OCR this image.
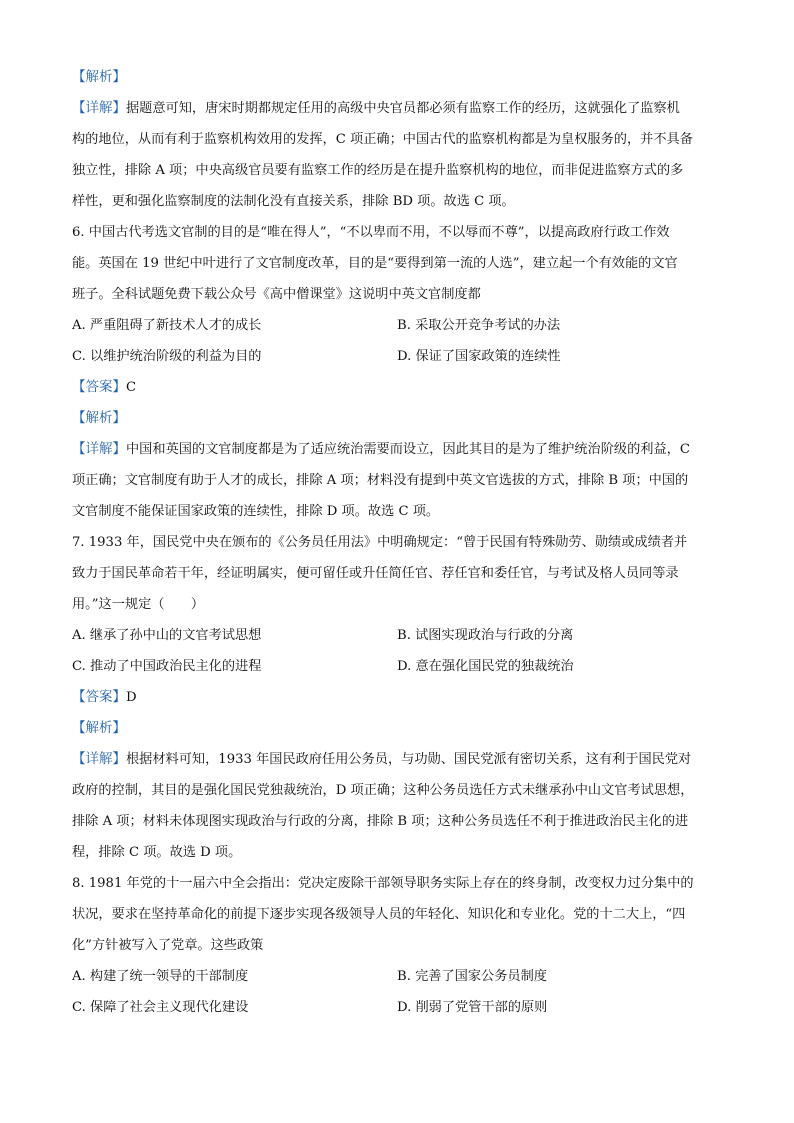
【解析】
【详解】据题意可知，唐宋时期都规定任用的高级中央官员都必须有监察工作的经历，这就强化了监察机
构的地位，从而有利于监察机构效用的发挥，C 项正确；中国古代的监察机构都是为皇权服务的，并不具备
独立性，排除 A 项；中央高级官员要有监察工作的经历是在提升监察机构的地位，而非促进监察方式的多
样性，更和强化监察制度的法制化没有直接关系，排除 BD 项。故选 C 项。
6. 中国古代考选文官制的目的是“唯在得人”，“不以卑而不用，不以辱而不尊”，以提高政府行政工作效
能。英国在 19 世纪中叶进行了文官制度改革，目的是“要得到第一流的人选”，建立起一个有效能的文官
班子。全科试题免费下载公众号《高中僧课堂》这说明中英文官制度都
A. 严重阻碍了新技术人才的成长	B. 采取公开竞争考试的办法
C. 以维护统治阶级的利益为目的	D. 保证了国家政策的连续性
【答案】C
【解析】
【详解】中国和英国的文官制度都是为了适应统治需要而设立，因此其目的是为了维护统治阶级的利益，C
项正确；文官制度有助于人才的成长，排除 A 项；材料没有提到中英文官选拔的方式，排除 B 项；中国的
文官制度不能保证国家政策的连续性，排除 D 项。故选 C 项。
7. 1933 年，国民党中央在颁布的《公务员任用法》中明确规定：“曾于民国有特殊勋劳、勋绩或成绩者并
致力于国民革命若干年，经证明属实，便可留任或升任简任官、荐任官和委任官，与考试及格人员同等录
用。”这一规定（　　）
A. 继承了孙中山的文官考试思想	B. 试图实现政治与行政的分离
C. 推动了中国政治民主化的进程	D. 意在强化国民党的独裁统治
【答案】D
【解析】
【详解】根据材料可知，1933 年国民政府任用公务员，与功勋、国民党派有密切关系，这有利于国民党对
政府的控制，其目的是强化国民党独裁统治，D 项正确；这种公务员选任方式未继承孙中山文官考试思想，
排除 A 项；材料未体现图实现政治与行政的分离，排除 B 项；这种公务员选任不利于推进政治民主化的进
程，排除 C 项。故选 D 项。
8. 1981 年党的十一届六中全会指出：党决定废除干部领导职务实际上存在的终身制，改变权力过分集中的
状况，要求在坚持革命化的前提下逐步实现各级领导人员的年轻化、知识化和专业化。党的十二大上，“四
化”方针被写入了党章。这些政策
A. 构建了统一领导的干部制度	B. 完善了国家公务员制度
C. 保障了社会主义现代化建设	D. 削弱了党管干部的原则
